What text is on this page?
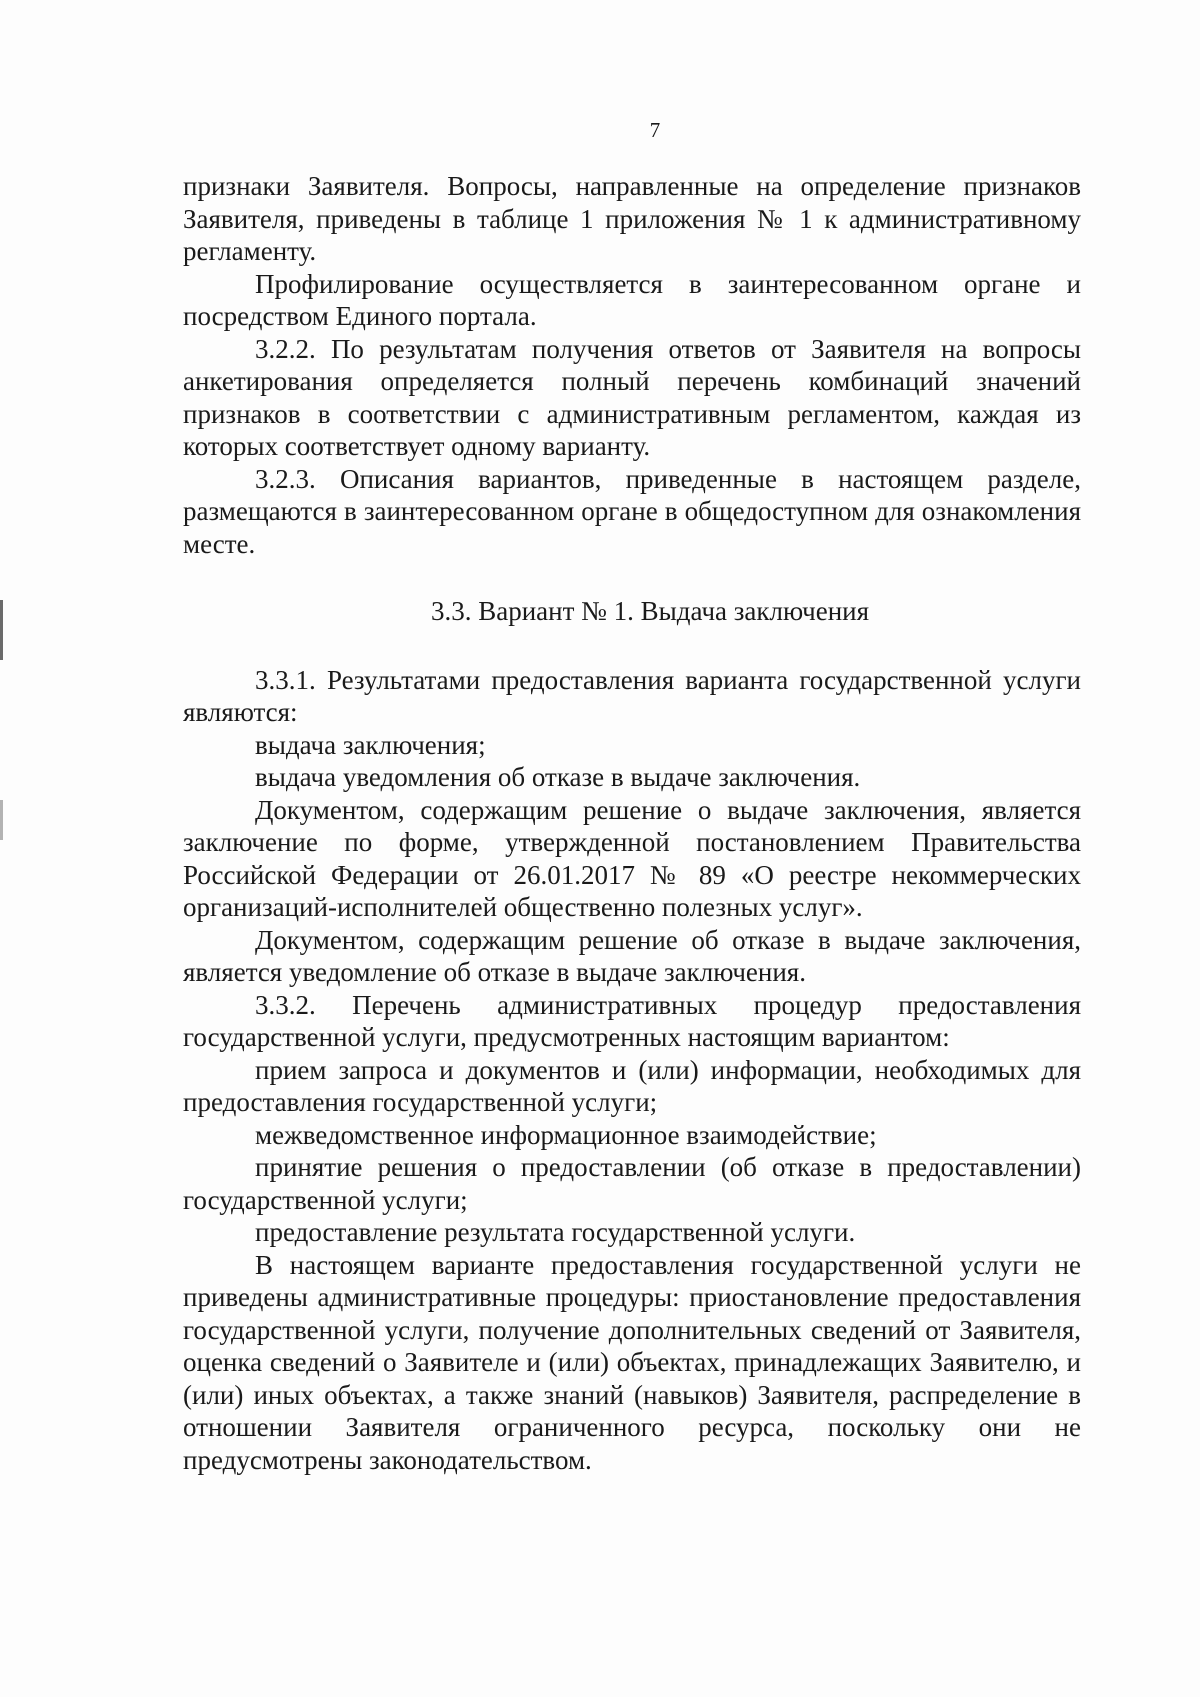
7

признаки Заявителя. Вопросы, направленные на определение признаков Заявителя, приведены в таблице 1 приложения № 1 к административному регламенту.

Профилирование осуществляется в заинтересованном органе и посредством Единого портала.

3.2.2. По результатам получения ответов от Заявителя на вопросы анкетирования определяется полный перечень комбинаций значений признаков в соответствии с административным регламентом, каждая из которых соответствует одному варианту.

3.2.3. Описания вариантов, приведенные в настоящем разделе, размещаются в заинтересованном органе в общедоступном для ознакомления месте.

3.3. Вариант № 1. Выдача заключения

3.3.1. Результатами предоставления варианта государственной услуги являются:

выдача заключения;

выдача уведомления об отказе в выдаче заключения.

Документом, содержащим решение о выдаче заключения, является заключение по форме, утвержденной постановлением Правительства Российской Федерации от 26.01.2017 № 89 «О реестре некоммерческих организаций-исполнителей общественно полезных услуг».

Документом, содержащим решение об отказе в выдаче заключения, является уведомление об отказе в выдаче заключения.

3.3.2. Перечень административных процедур предоставления государственной услуги, предусмотренных настоящим вариантом:

прием запроса и документов и (или) информации, необходимых для предоставления государственной услуги;

межведомственное информационное взаимодействие;

принятие решения о предоставлении (об отказе в предоставлении) государственной услуги;

предоставление результата государственной услуги.

В настоящем варианте предоставления государственной услуги не приведены административные процедуры: приостановление предоставления государственной услуги, получение дополнительных сведений от Заявителя, оценка сведений о Заявителе и (или) объектах, принадлежащих Заявителю, и (или) иных объектах, а также знаний (навыков) Заявителя, распределение в отношении Заявителя ограниченного ресурса, поскольку они не предусмотрены законодательством.
